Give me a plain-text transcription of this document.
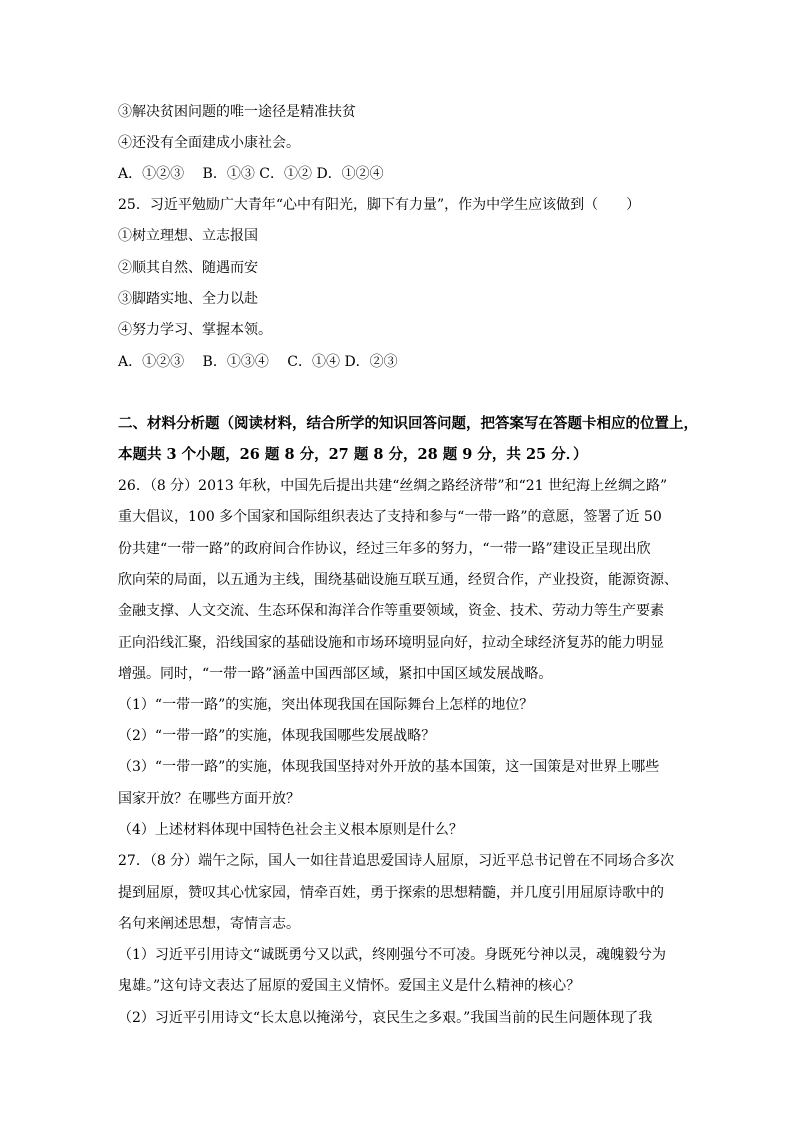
③解决贫困问题的唯一途径是精准扶贫
④还没有全面建成小康社会。
A．①②③　 B．①③ C．①② D．①②④
25．习近平勉励广大青年“心中有阳光，脚下有力量”，作为中学生应该做到（　　）
①树立理想、立志报国
②顺其自然、随遇而安
③脚踏实地、全力以赴
④努力学习、掌握本领。
A．①②③　 B．①③④　 C．①④ D．②③
二、材料分析题（阅读材料，结合所学的知识回答问题，把答案写在答题卡相应的位置上，
本题共 3 个小题，26 题 8 分，27 题 8 分，28 题 9 分，共 25 分．）
26．（8 分）2013 年秋，中国先后提出共建“丝绸之路经济带”和“21 世纪海上丝绸之路”
重大倡议，100 多个国家和国际组织表达了支持和参与“一带一路”的意愿，签署了近 50
份共建“一带一路”的政府间合作协议，经过三年多的努力，“一带一路”建设正呈现出欣
欣向荣的局面，以五通为主线，围绕基础设施互联互通，经贸合作，产业投资，能源资源、
金融支撑、人文交流、生态环保和海洋合作等重要领域，资金、技术、劳动力等生产要素
正向沿线汇聚，沿线国家的基础设施和市场环境明显向好，拉动全球经济复苏的能力明显
增强。同时，“一带一路”涵盖中国西部区域，紧扣中国区域发展战略。
（1）“一带一路”的实施，突出体现我国在国际舞台上怎样的地位？
（2）“一带一路”的实施，体现我国哪些发展战略？
（3）“一带一路”的实施，体现我国坚持对外开放的基本国策，这一国策是对世界上哪些
国家开放？在哪些方面开放？
（4）上述材料体现中国特色社会主义根本原则是什么？
27．（8 分）端午之际，国人一如往昔追思爱国诗人屈原，习近平总书记曾在不同场合多次
提到屈原，赞叹其心忧家园，情牵百姓，勇于探索的思想精髓，并几度引用屈原诗歌中的
名句来阐述思想，寄情言志。
（1）习近平引用诗文“诚既勇兮又以武，终刚强兮不可凌。身既死兮神以灵，魂魄毅兮为
鬼雄。”这句诗文表达了屈原的爱国主义情怀。爱国主义是什么精神的核心？
（2）习近平引用诗文“长太息以掩涕兮，哀民生之多艰。”我国当前的民生问题体现了我
